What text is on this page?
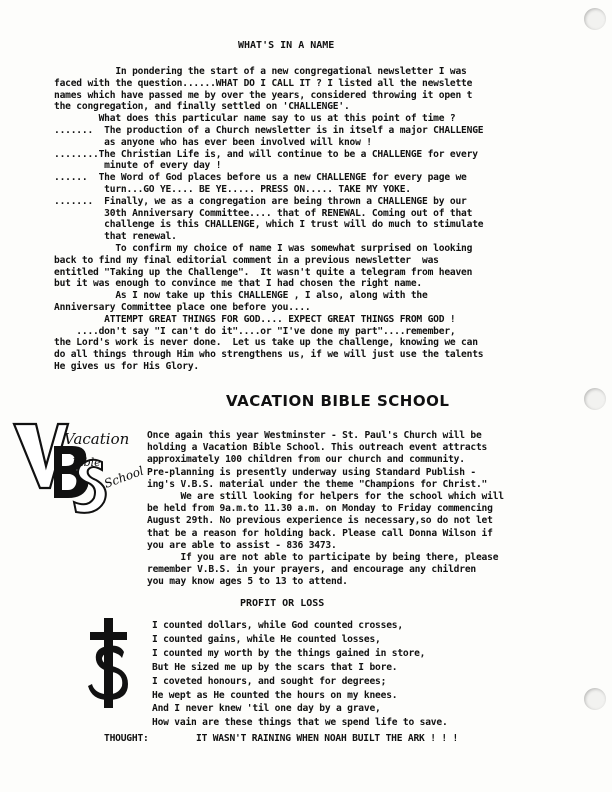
WHAT'S IN A NAME
In pondering the start of a new congregational newsletter I was
faced with the question......WHAT DO I CALL IT ? I listed all the newslette
names which have passed me by over the years, considered throwing it open t
the congregation, and finally settled on 'CHALLENGE'.
What does this particular name say to us at this point of time ?
.......  The production of a Church newsletter is in itself a major CHALLENGE
as anyone who has ever been involved will know !
........The Christian Life is, and will continue to be a CHALLENGE for every
minute of every day !
......  The Word of God places before us a new CHALLENGE for every page we
turn...GO YE.... BE YE..... PRESS ON..... TAKE MY YOKE.
.......  Finally, we as a congregation are being thrown a CHALLENGE by our
30th Anniversary Committee.... that of RENEWAL. Coming out of that
challenge is this CHALLENGE, which I trust will do much to stimulate
that renewal.
To confirm my choice of name I was somewhat surprised on looking
back to find my final editorial comment in a previous newsletter  was
entitled "Taking up the Challenge".  It wasn't quite a telegram from heaven
but it was enough to convince me that I had chosen the right name.
As I now take up this CHALLENGE , I also, along with the
Anniversary Committee place one before you....
ATTEMPT GREAT THINGS FOR GOD.... EXPECT GREAT THINGS FROM GOD !
....don't say "I can't do it"....or "I've done my part"....remember,
the Lord's work is never done.  Let us take up the challenge, knowing we can
do all things through Him who strengthens us, if we will just use the talents
He gives us for His Glory.
VACATION BIBLE SCHOOL
V
Vacation
Bible
School
Once again this year Westminster - St. Paul's Church will be
holding a Vacation Bible School. This outreach event attracts
approximately 100 children from our church and community.
Pre-planning is presently underway using Standard Publish -
ing's V.B.S. material under the theme "Champions for Christ."
We are still looking for helpers for the school which will
be held from 9a.m.to 11.30 a.m. on Monday to Friday commencing
August 29th. No previous experience is necessary,so do not let
that be a reason for holding back. Please call Donna Wilson if
you are able to assist - 836 3473.
If you are not able to participate by being there, please
remember V.B.S. in your prayers, and encourage any children
you may know ages 5 to 13 to attend.
PROFIT OR LOSS
I counted dollars, while God counted crosses,
I counted gains, while He counted losses,
I counted my worth by the things gained in store,
But He sized me up by the scars that I bore.
I coveted honours, and sought for degrees;
He wept as He counted the hours on my knees.
And I never knew 'til one day by a grave,
How vain are these things that we spend life to save.
THOUGHT:	IT WASN'T RAINING WHEN NOAH BUILT THE ARK ! ! !
